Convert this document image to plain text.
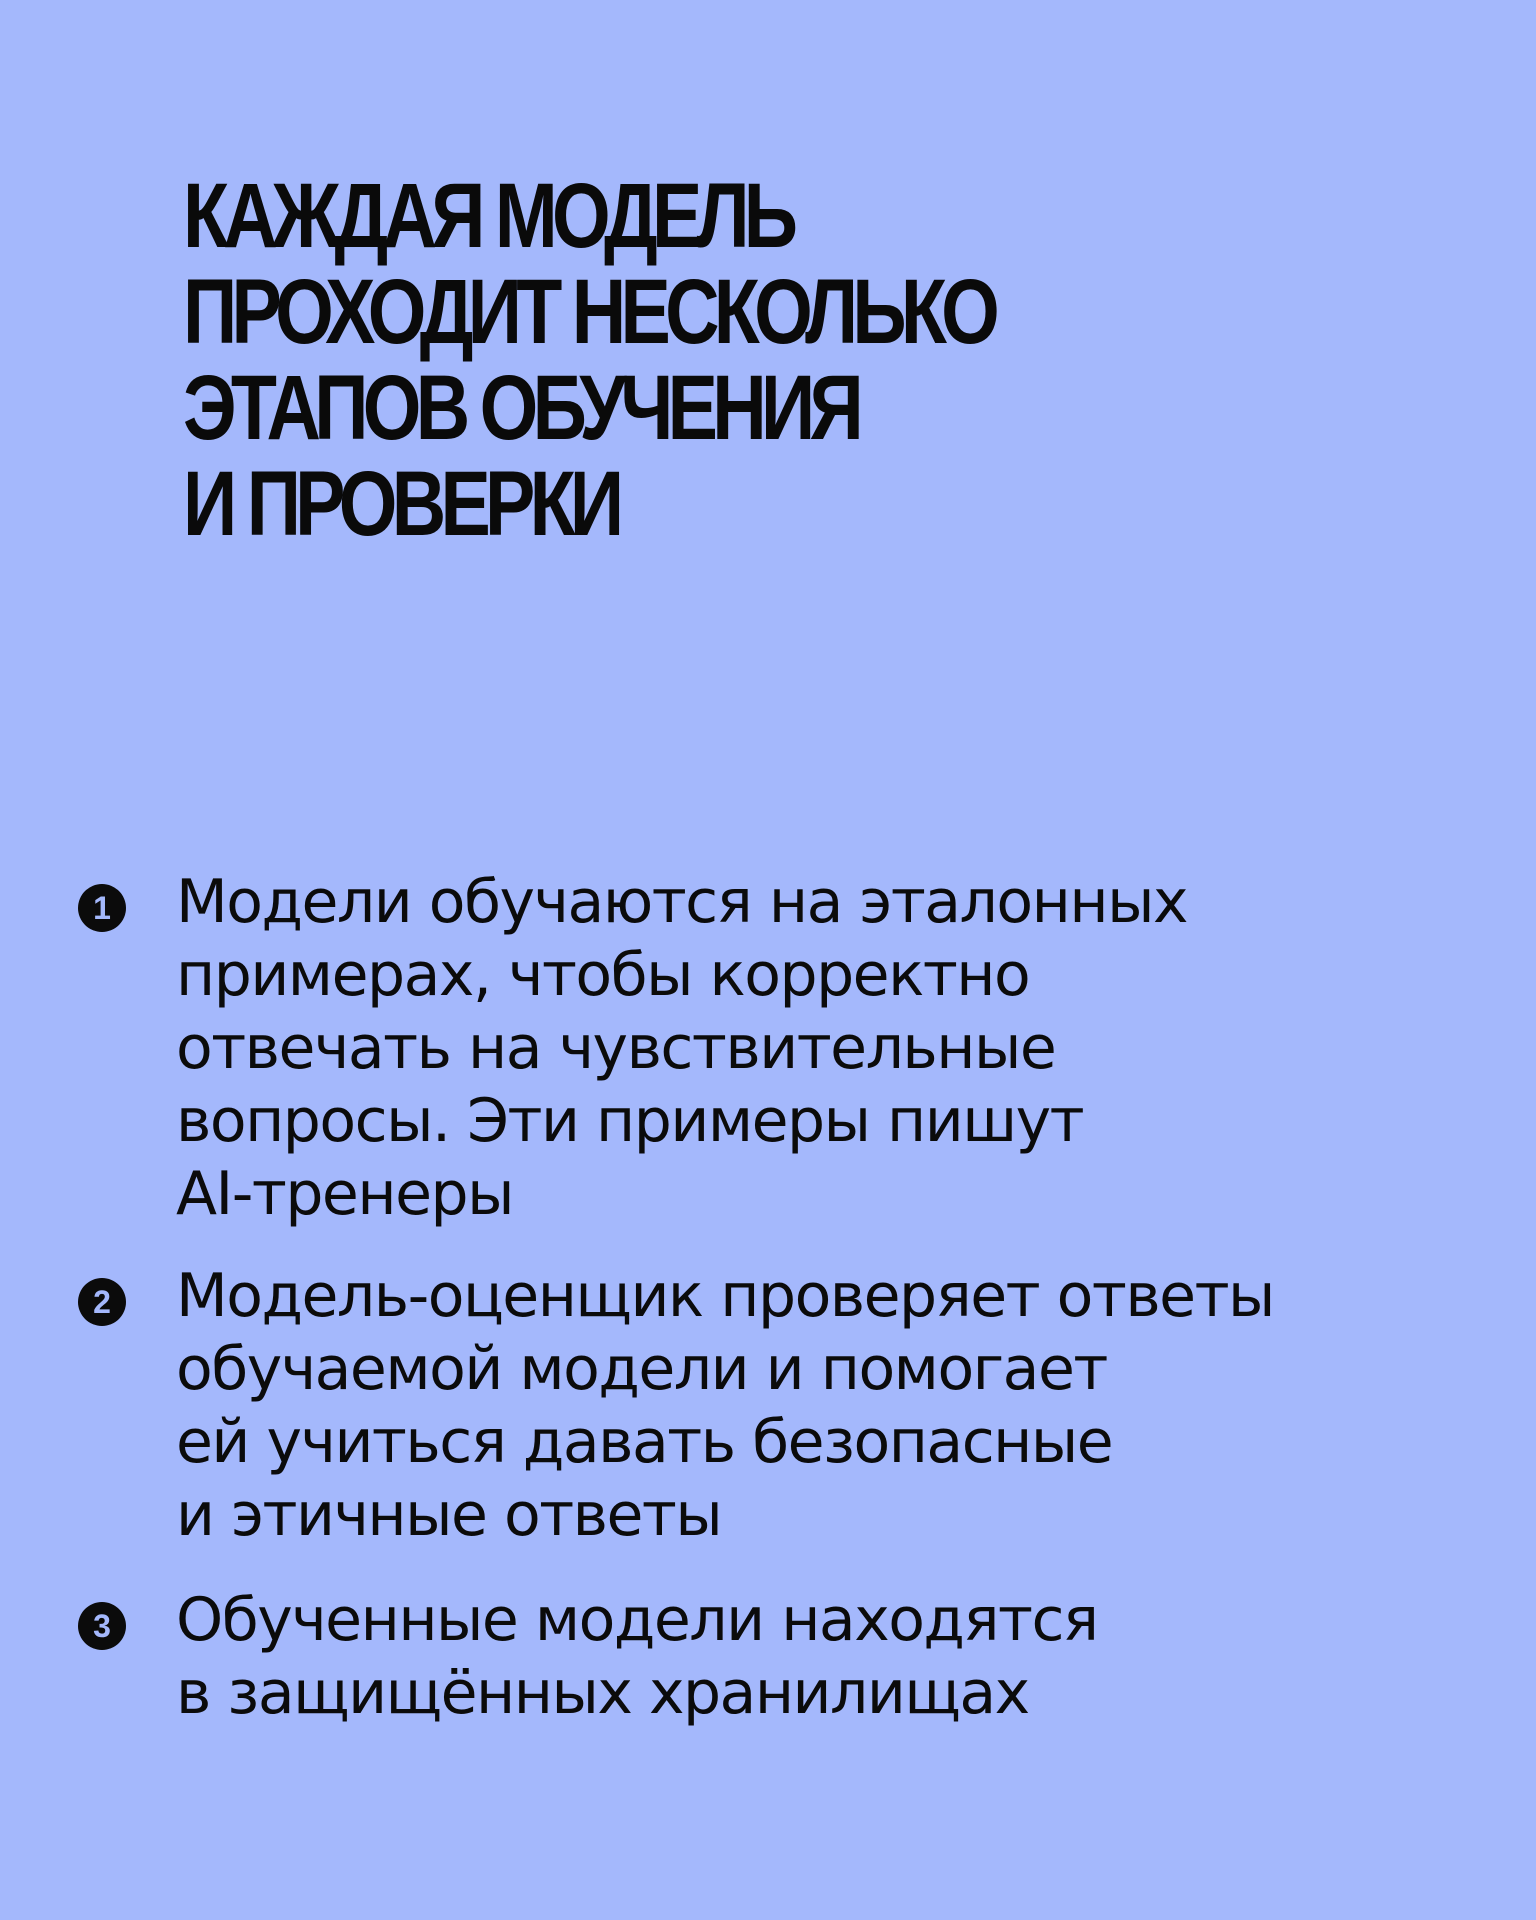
КАЖДАЯ МОДЕЛЬ
ПРОХОДИТ НЕСКОЛЬКО
ЭТАПОВ ОБУЧЕНИЯ
И ПРОВЕРКИ
1 Модели обучаются на эталонных
примерах, чтобы корректно
отвечать на чувствительные
вопросы. Эти примеры пишут
AI-тренеры
2 Модель-оценщик проверяет ответы
обучаемой модели и помогает
ей учиться давать безопасные
и этичные ответы
3 Обученные модели находятся
в защищённых хранилищах
